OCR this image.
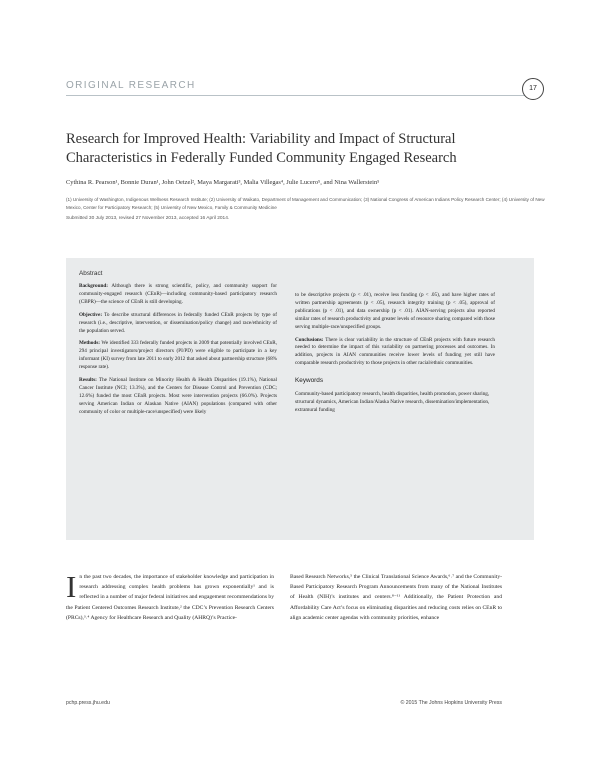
ORIGINAL RESEARCH	17
Research for Improved Health: Variability and Impact of Structural Characteristics in Federally Funded Community Engaged Research
Cythina R. Pearson¹, Bonnie Duran¹, John Oetzel², Maya Margarati³, Malia Villegas⁴, Julie Lucero⁵, and Nina Wallerstein⁵
(1) University of Washington, Indigenous Wellness Research Institute; (2) University of Waikato, Department of Management and Communication; (3) National Congress of American Indians Policy Research Center; (4) University of New Mexico, Center for Participatory Research; (5) University of New Mexico, Family & Community Medicine
Submitted 30 July 2013, revised 27 November 2013, accepted 16 April 2014.
Abstract

Background: Although there is strong scientific, policy, and community support for community-engaged research (CEnR)—including community-based participatory research (CBPR)—the science of CEnR is still developing.

Objective: To describe structural differences in federally funded CEnR projects by type of research (i.e., descriptive, intervention, or dissemination/policy change) and race/ethnicity of the population served.

Methods: We identified 333 federally funded projects in 2009 that potentially involved CEnR, 294 principal investigators/project directors (PI/PD) were eligible to participate in a key informant (KI) survey from late 2011 to early 2012 that asked about partnership structure (68% response rate).

Results: The National Institute on Minority Health & Health Disparities (19.1%), National Cancer Institute (NCI; 13.3%), and the Centers for Disease Control and Prevention (CDC; 12.6%) funded the most CEnR projects. Most were intervention projects (66.0%). Projects serving American Indian or Alaskan Native (AIAN) populations (compared with other community of color or multiple-race/unspecified) were likely

to be descriptive projects (p < .01), receive less funding (p < .05), and have higher rates of written partnership agreements (p < .05), research integrity training (p < .05), approval of publications (p < .01), and data ownership (p < .01). AIAN-serving projects also reported similar rates of research productivity and greater levels of resource sharing compared with those serving multiple-race/unspecified groups.

Conclusions: There is clear variability in the structure of CEnR projects with future research needed to determine the impact of this variability on partnering processes and outcomes. In addition, projects in AIAN communities receive lower levels of funding yet still have comparable research productivity to those projects in other racial/ethnic communities.

Keywords

Community-based participatory research, health disparities, health promotion, power sharing, structural dynamics, American Indian/Alaska Native research, dissemination/implementation, extramural funding

In the past two decades, the importance of stakeholder knowledge and participation in research addressing complex health problems has grown exponentially¹ and is reflected in a number of major federal initiatives and engagement recommendations by the Patient Centered Outcomes Research Institute,² the CDC’s Prevention Research Centers (PRCs),³˒⁴ Agency for Healthcare Research and Quality (AHRQ)’s Practice-
Based Research Networks,⁵ the Clinical Translational Science Awards,⁶˒⁷ and the Community-Based Participatory Research Program Announcements from many of the National Institutes of Health (NIH)’s institutes and centers.⁸⁻¹¹ Additionally, the Patient Protection and Affordability Care Act’s focus on eliminating disparities and reducing costs relies on CEnR to align academic center agendas with community priorities, enhance
pchp.press.jhu.edu	© 2015 The Johns Hopkins University Press
